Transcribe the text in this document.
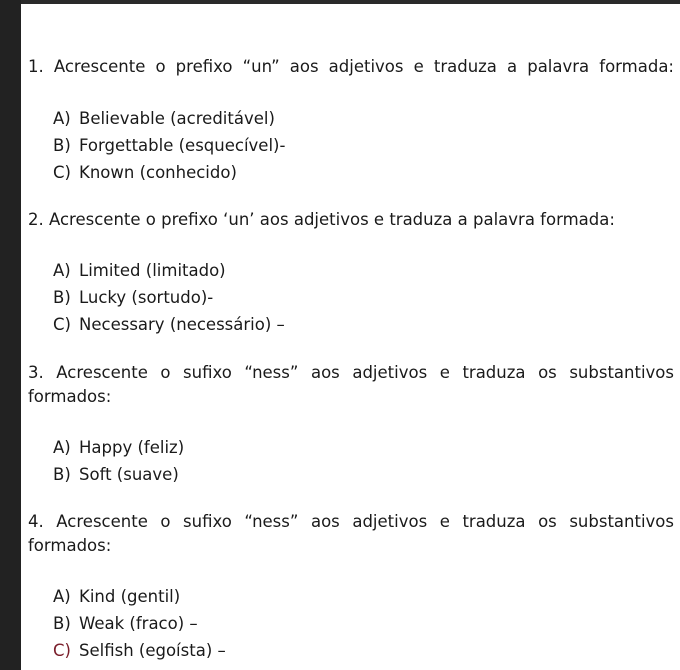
1. Acrescente o prefixo “un” aos adjetivos e traduza a palavra formada:
A) Believable (acreditável)
B) Forgettable (esquecível)-
C) Known (conhecido)
2. Acrescente o prefixo ‘un’ aos adjetivos e traduza a palavra formada:
A) Limited (limitado)
B) Lucky (sortudo)-
C) Necessary (necessário) –
3. Acrescente o sufixo “ness” aos adjetivos e traduza os substantivos formados:
A) Happy (feliz)
B) Soft (suave)
4. Acrescente o sufixo “ness” aos adjetivos e traduza os substantivos formados:
A) Kind (gentil)
B) Weak (fraco) –
C) Selfish (egoísta) –
